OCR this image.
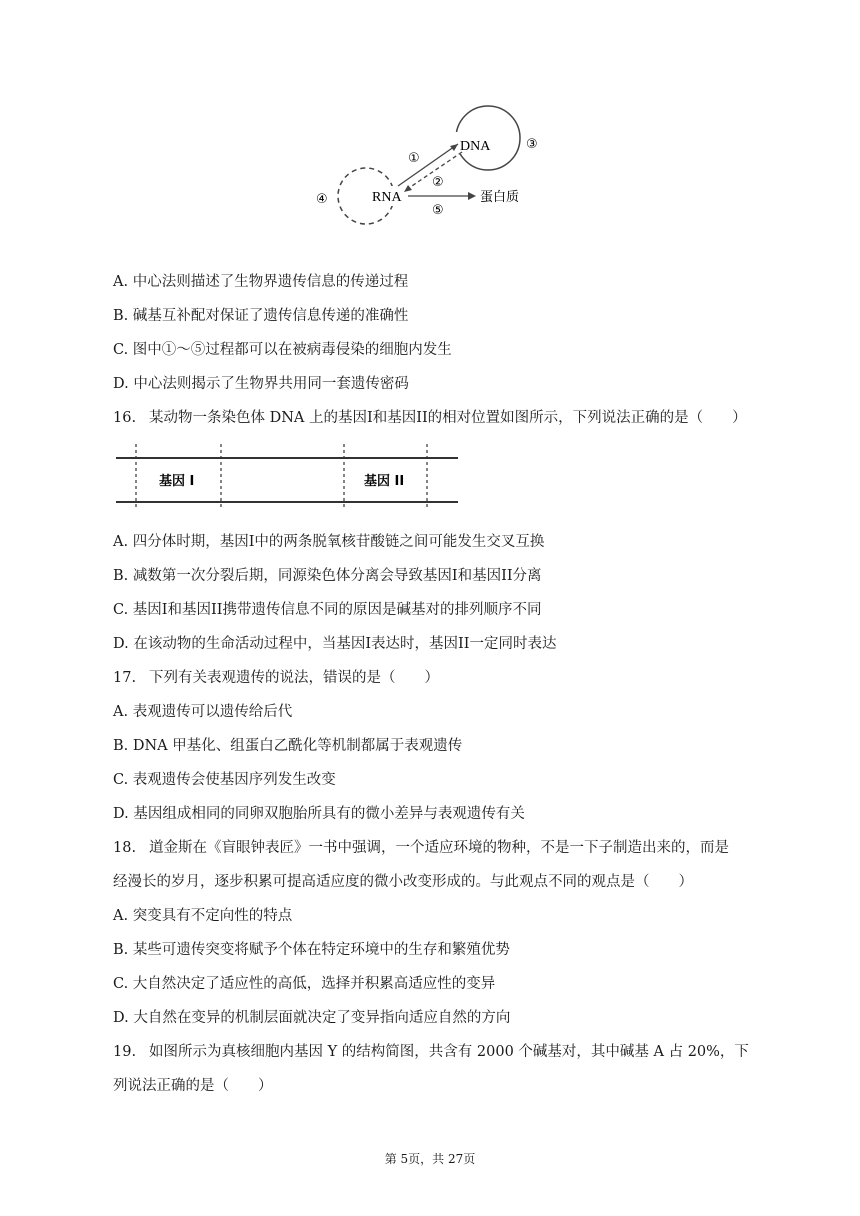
DNA
RNA	蛋白质
①
②
③
④
⑤
A. 中心法则描述了生物界遗传信息的传递过程
B. 碱基互补配对保证了遗传信息传递的准确性
C. 图中①～⑤过程都可以在被病毒侵染的细胞内发生
D. 中心法则揭示了生物界共用同一套遗传密码
16. 某动物一条染色体 DNA 上的基因I和基因II的相对位置如图所示，下列说法正确的是（　　）
基因 I	基因 II
A. 四分体时期，基因I中的两条脱氧核苷酸链之间可能发生交叉互换
B. 减数第一次分裂后期，同源染色体分离会导致基因I和基因II分离
C. 基因I和基因II携带遗传信息不同的原因是碱基对的排列顺序不同
D. 在该动物的生命活动过程中，当基因I表达时，基因II一定同时表达
17. 下列有关表观遗传的说法，错误的是（　　）
A. 表观遗传可以遗传给后代
B. DNA 甲基化、组蛋白乙酰化等机制都属于表观遗传
C. 表观遗传会使基因序列发生改变
D. 基因组成相同的同卵双胞胎所具有的微小差异与表观遗传有关
18. 道金斯在《盲眼钟表匠》一书中强调，一个适应环境的物种，不是一下子制造出来的，而是
经漫长的岁月，逐步积累可提高适应度的微小改变形成的。与此观点不同的观点是（　　）
A. 突变具有不定向性的特点
B. 某些可遗传突变将赋予个体在特定环境中的生存和繁殖优势
C. 大自然决定了适应性的高低，选择并积累高适应性的变异
D. 大自然在变异的机制层面就决定了变异指向适应自然的方向
19. 如图所示为真核细胞内基因 Y 的结构简图，共含有 2000 个碱基对，其中碱基 A 占 20%，下
列说法正确的是（　　）
第 5页，共 27页
